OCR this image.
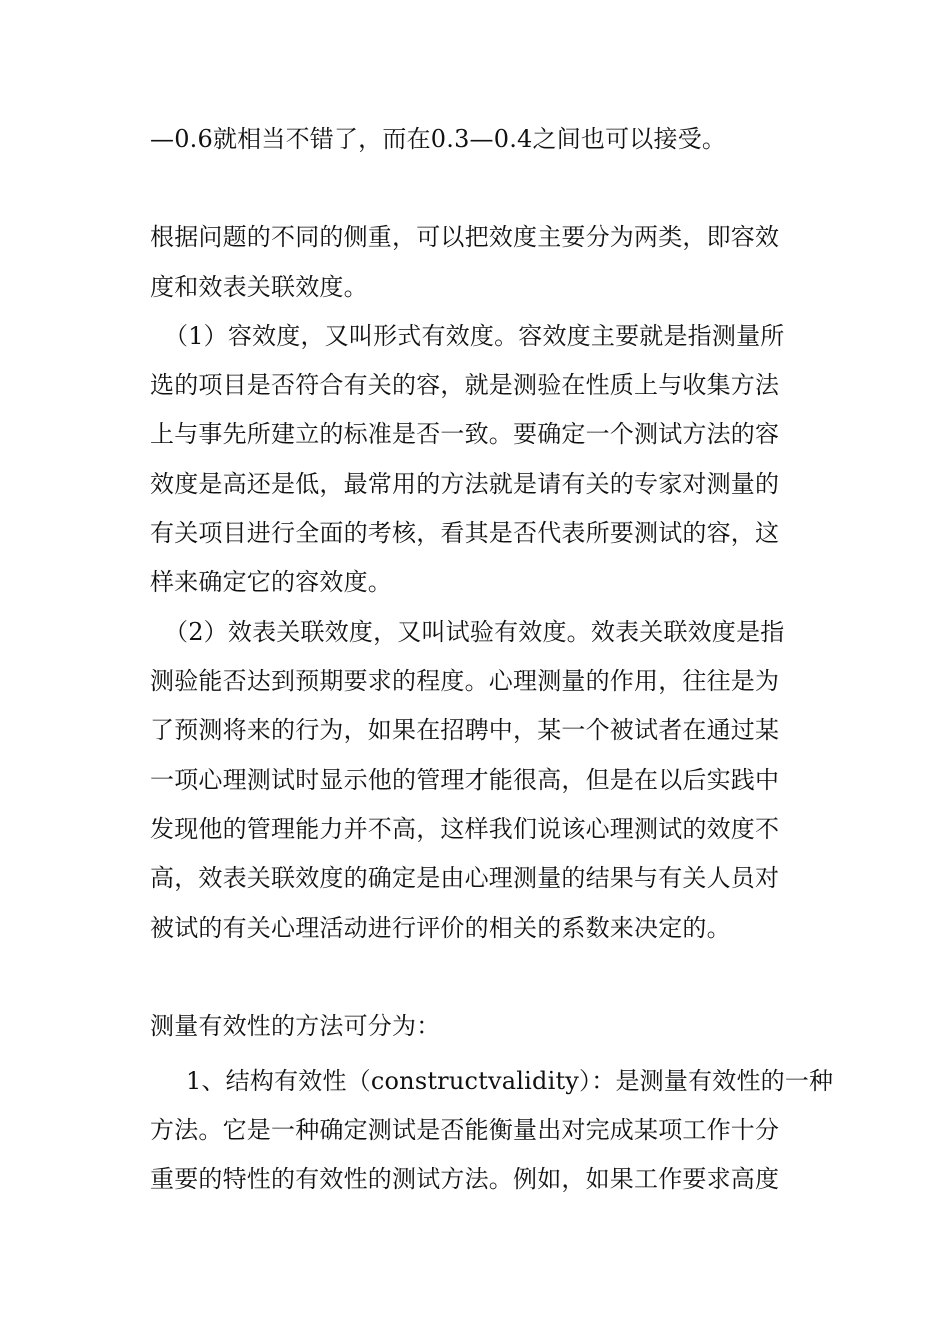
—0.6就相当不错了，而在0.3—0.4之间也可以接受。
根据问题的不同的侧重，可以把效度主要分为两类，即容效
度和效表关联效度。
（1）容效度，又叫形式有效度。容效度主要就是指测量所
选的项目是否符合有关的容，就是测验在性质上与收集方法
上与事先所建立的标准是否一致。要确定一个测试方法的容
效度是高还是低，最常用的方法就是请有关的专家对测量的
有关项目进行全面的考核，看其是否代表所要测试的容，这
样来确定它的容效度。
（2）效表关联效度，又叫试验有效度。效表关联效度是指
测验能否达到预期要求的程度。心理测量的作用，往往是为
了预测将来的行为，如果在招聘中，某一个被试者在通过某
一项心理测试时显示他的管理才能很高，但是在以后实践中
发现他的管理能力并不高，这样我们说该心理测试的效度不
高，效表关联效度的确定是由心理测量的结果与有关人员对
被试的有关心理活动进行评价的相关的系数来决定的。
测量有效性的方法可分为：
1、结构有效性（constructvalidity）：是测量有效性的一种
方法。它是一种确定测试是否能衡量出对完成某项工作十分
重要的特性的有效性的测试方法。例如，如果工作要求高度
